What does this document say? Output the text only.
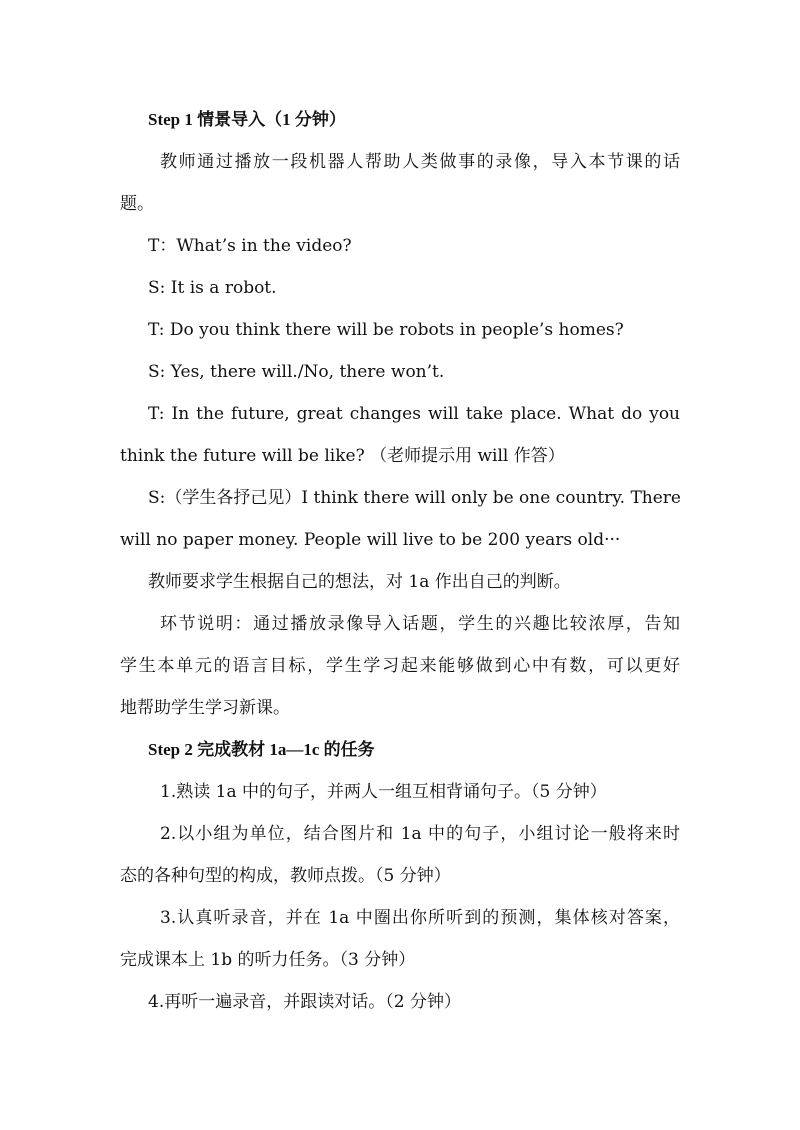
Step 1 情景导入（1 分钟）
教师通过播放一段机器人帮助人类做事的录像，导入本节课的话
题。
T：What’s in the video?
S: It is a robot.
T: Do you think there will be robots in people’s homes?
S: Yes, there will./No, there won’t.
T: In the future, great changes will take place. What do you
think the future will be like? （老师提示用 will 作答）
S:（学生各抒己见）I think there will only be one country. There
will no paper money. People will live to be 200 years old···
教师要求学生根据自己的想法，对 1a 作出自己的判断。
环节说明：通过播放录像导入话题，学生的兴趣比较浓厚，告知
学生本单元的语言目标，学生学习起来能够做到心中有数，可以更好
地帮助学生学习新课。
Step 2 完成教材 1a—1c 的任务
1.熟读 1a 中的句子，并两人一组互相背诵句子。（5 分钟）
2.以小组为单位，结合图片和 1a 中的句子，小组讨论一般将来时
态的各种句型的构成，教师点拨。（5 分钟）
3.认真听录音，并在 1a 中圈出你所听到的预测，集体核对答案，
完成课本上 1b 的听力任务。（3 分钟）
4.再听一遍录音，并跟读对话。（2 分钟）
